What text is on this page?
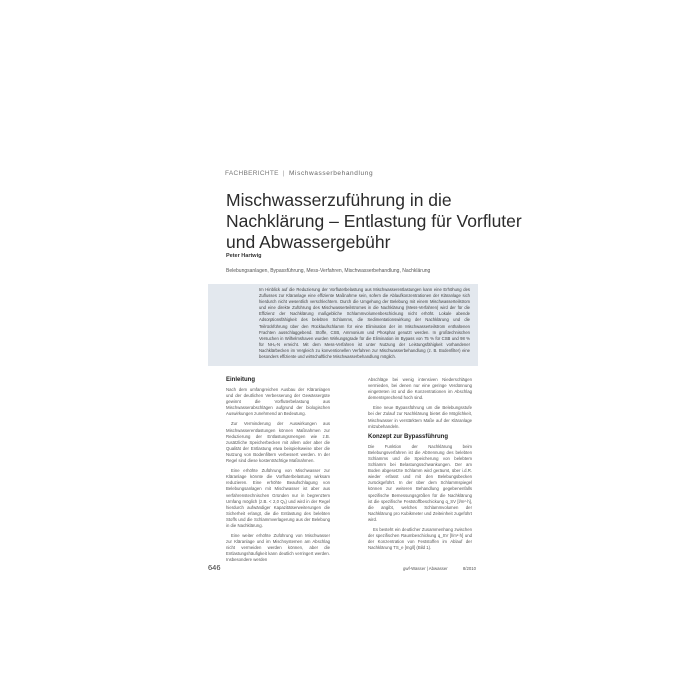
FACHBERICHTE | Mischwasserbehandlung
Mischwasserzuführung in die Nachklärung – Entlastung für Vorfluter und Abwassergebühr
Peter Hartwig
Belebungsanlagen, Bypassführung, Mess-Verfahren, Mischwasserbehandlung, Nachklärung

Im Hinblick auf die Reduzierung der Vorfluterbelastung aus Mischwasserentlastungen kann eine Erhöhung des Zuflusses zur Kläranlage eine effiziente Maßnahme sein, sofern die Ablaufkonzentrationen der Kläranlage sich hierdurch nicht wesentlich verschlechtern. Durch die Umgehung der Belebung mit einem Mischwasserteilstrom und eine direkte Zuführung des Mischwasserteilstromes in die Nachklärung (Mess-Verfahren) wird der für die Effizienz der Nachklärung maßgebliche Schlammvolumenbeschickung nicht erhöht. Lokale abende Adsorptionsfähigkeit des belebten Schlamms, die Sedimentationswirkung der Nachklärung und die Teilrückführung über den Rücklaufschlamm für eine Elimination der im Mischwasserteilstrom enthaltenen Frachten ausschlaggebend. Stoffe, CSB, Ammonium und Phosphat genutzt werden. In großtechnischen Versuchen in Wilhelmshaven wurden Wirkungsgrade für die Elimination im Bypass von 75 % für CSB und 98 % für NH₄-N erreicht. Mit dem Mess-Verfahren ist unter Nutzung der Leistungsfähigkeit vorhandener Nachklärbecken im Vergleich zu konventionellen Verfahren zur Mischwasserbehandlung (z. B. Bodenfilter) eine besonders effiziente und wirtschaftliche Mischwasserbehandlung möglich.

Einleitung

Nach dem umfangreichen Ausbau der Kläranlagen und der deutlichen Verbesserung der Gewässergüte gewinnt die Vorfluterbelastung aus Mischwasserabschlägen aufgrund der biologischen Auswirkungen zunehmend an Bedeutung.

Zur Verminderung der Auswirkungen aus Mischwasserentlastungen können Maßnahmen zur Reduzierung der Entlastungsmengen wie z.B. zusätzliche Speicherbecken mit allem oder aber die Qualität der Entlastung etwa beispielsweise über die Nutzung von Bodenfiltern verbessert werden. In der Regel sind diese kostenträchtige Maßnahmen.

Eine erhöhte Zuführung von Mischwasser zur Kläranlage könnte die Vorfluterbelastung wirksam reduzieren. Eine erhöhte Beaufschlagung von Belebungsanlagen mit Mischwasser ist aber aus verfahrenstechnischen Gründen nur in begrenztem Umfang möglich (z.B. < 2,0 Q₆) und wird in der Regel hierdurch aufwändiger Kapazitätserweiterungen die Sicherheit erlangt, die die Entlastung des belebten Stoffs und die Schlammverlagerung aus der Belebung in die Nachklärung.

Eine weiter erhöhte Zuführung von Mischwasser zur Kläranlage und im Mischsystemen am Abschlag nicht vermeiden werden können, aber die Entlastungshäufigkeit kann deutlich verringert werden. Insbesondere werden

Abschläge bei wenig intensiven Niederschlägen vermieden, bei denen nur eine geringe Verdünnung eingetreten ist und die Konzentrationen im Abschlag dementsprechend hoch sind.

Eine neue Bypassführung um die Belebungsstufe bei der Zulauf zur Nachklärung bietet die Möglichkeit, Mischwasser in verstärktem Maße auf der Kläranlage mitzubehandeln.

Konzept zur Bypassführung

Die Funktion der Nachklärung beim Belebungsverfahren ist die Abtrennung des belebten Schlamms und die Speicherung von belebtem Schlamm bei Belastungsschwankungen. Der am Boden abgesetzte Schlamm wird geräumt, über i.d.R. wieder erfasst und mit den Belebungsbecken zurückgeführt. In der über dem Schlammspiegel können zur weiteren Behandlung gegebenenfalls spezifische Bemessungsgrößen für die Nachklärung ist die spezifische Feststoffbeschickung q_SV [l/m²·h], die angibt, welches Schlammvolumen der Nachklärung pro Kubikmeter und Zeiteinheit zugeführt wird.

Es besteht ein deutlicher Zusammenhang zwischen der spezifischen Raumbeschickung q_SV [l/m²·h] und der Konzentration von Feststoffen im Ablauf der Nachklärung TS_e [mg/l] (Bild 1).

646	gwf-Wasser | Abwasser	8/2010
